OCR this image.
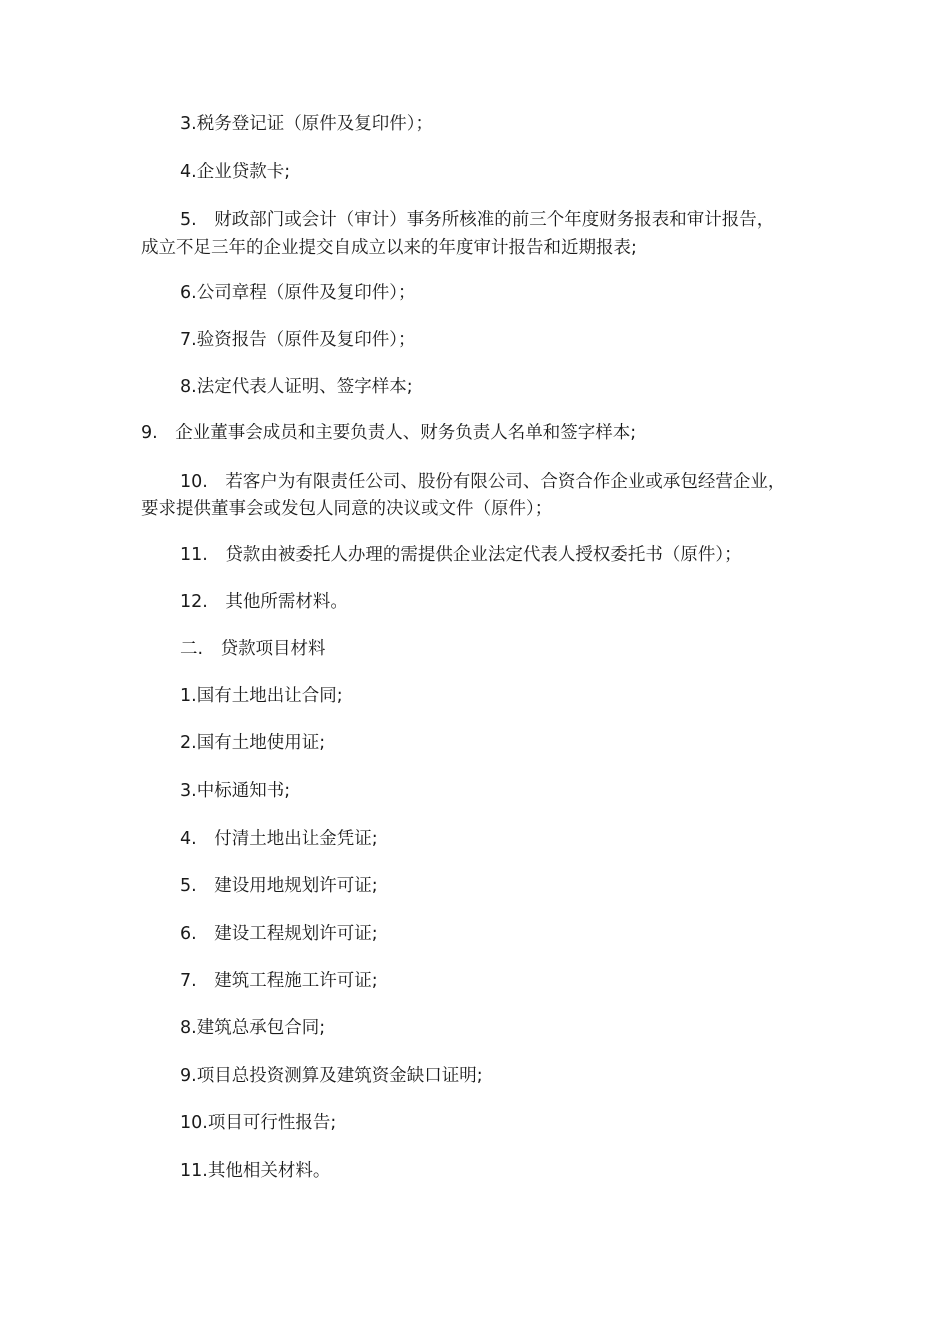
3.税务登记证（原件及复印件）；
4.企业贷款卡;
5.　财政部门或会计（审计）事务所核准的前三个年度财务报表和审计报告，
成立不足三年的企业提交自成立以来的年度审计报告和近期报表;
6.公司章程（原件及复印件）；
7.验资报告（原件及复印件）；
8.法定代表人证明、签字样本;
9.　企业董事会成员和主要负责人、财务负责人名单和签字样本;
10.　若客户为有限责任公司、股份有限公司、合资合作企业或承包经营企业，
要求提供董事会或发包人同意的决议或文件（原件）；
11.　贷款由被委托人办理的需提供企业法定代表人授权委托书（原件）；
12.　其他所需材料。
二.　贷款项目材料
1.国有土地出让合同;
2.国有土地使用证;
3.中标通知书;
4.　付清土地出让金凭证;
5.　建设用地规划许可证;
6.　建设工程规划许可证;
7.　建筑工程施工许可证;
8.建筑总承包合同;
9.项目总投资测算及建筑资金缺口证明;
10.项目可行性报告;
11.其他相关材料。
